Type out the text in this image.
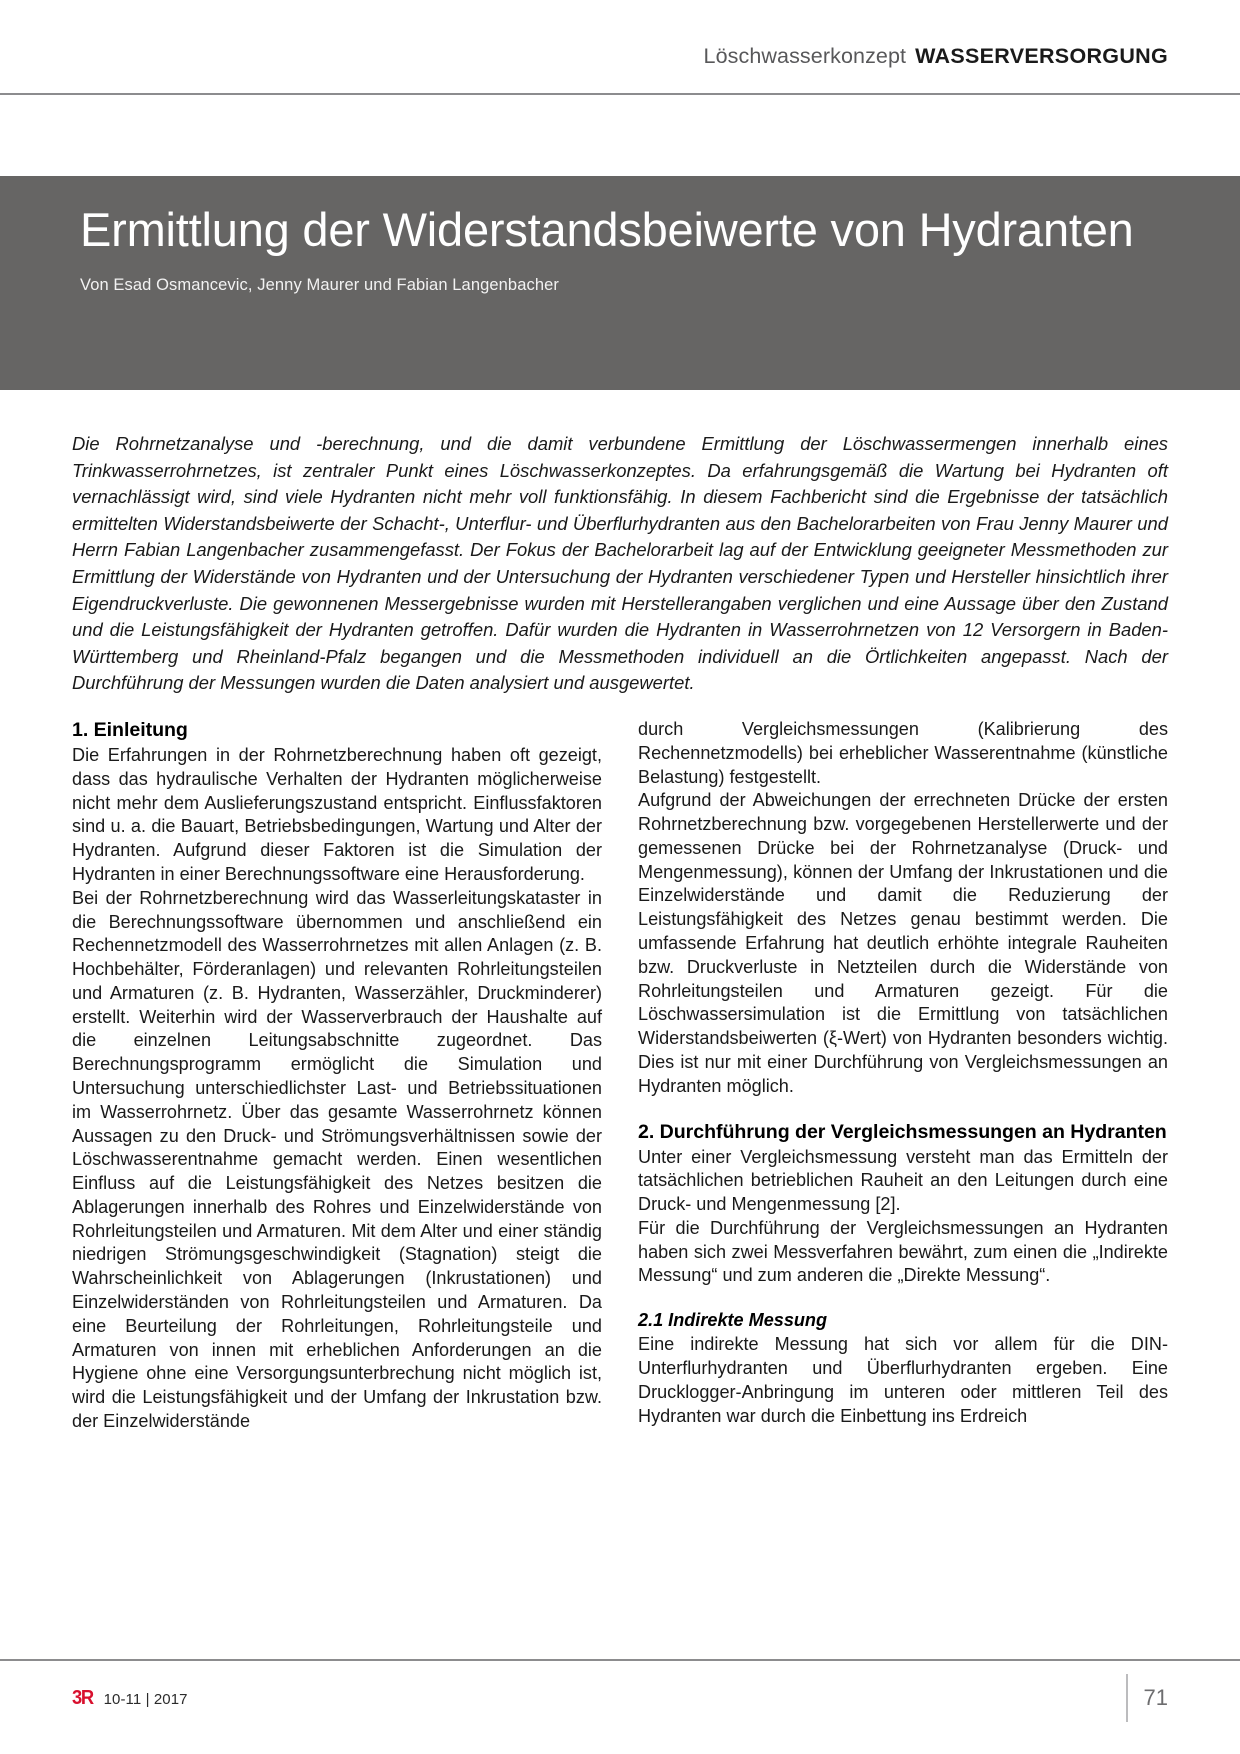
Löschwasserkonzept WASSERVERSORGUNG
Ermittlung der Widerstandsbeiwerte von Hydranten
Von Esad Osmancevic, Jenny Maurer und Fabian Langenbacher
Die Rohrnetzanalyse und -berechnung, und die damit verbundene Ermittlung der Löschwassermengen innerhalb eines Trinkwasserrohrnetzes, ist zentraler Punkt eines Löschwasserkonzeptes. Da erfahrungsgemäß die Wartung bei Hydranten oft vernachlässigt wird, sind viele Hydranten nicht mehr voll funktionsfähig. In diesem Fachbericht sind die Ergebnisse der tatsächlich ermittelten Widerstandsbeiwerte der Schacht-, Unterflur- und Überflurhydranten aus den Bachelorarbeiten von Frau Jenny Maurer und Herrn Fabian Langenbacher zusammengefasst. Der Fokus der Bachelorarbeit lag auf der Entwicklung geeigneter Messmethoden zur Ermittlung der Widerstände von Hydranten und der Untersuchung der Hydranten verschiedener Typen und Hersteller hinsichtlich ihrer Eigendruckverluste. Die gewonnenen Messergebnisse wurden mit Herstellerangaben verglichen und eine Aussage über den Zustand und die Leistungsfähigkeit der Hydranten getroffen. Dafür wurden die Hydranten in Wasserrohrnetzen von 12 Versorgern in Baden-Württemberg und Rheinland-Pfalz begangen und die Messmethoden individuell an die Örtlichkeiten angepasst. Nach der Durchführung der Messungen wurden die Daten analysiert und ausgewertet.
1. Einleitung

Die Erfahrungen in der Rohrnetzberechnung haben oft gezeigt, dass das hydraulische Verhalten der Hydranten möglicherweise nicht mehr dem Auslieferungszustand entspricht. Einflussfaktoren sind u. a. die Bauart, Betriebsbedingungen, Wartung und Alter der Hydranten. Aufgrund dieser Faktoren ist die Simulation der Hydranten in einer Berechnungssoftware eine Herausforderung.

Bei der Rohrnetzberechnung wird das Wasserleitungskataster in die Berechnungssoftware übernommen und anschließend ein Rechennetzmodell des Wasserrohrnetzes mit allen Anlagen (z. B. Hochbehälter, Förderanlagen) und relevanten Rohrleitungsteilen und Armaturen (z. B. Hydranten, Wasserzähler, Druckminderer) erstellt. Weiterhin wird der Wasserverbrauch der Haushalte auf die einzelnen Leitungsabschnitte zugeordnet. Das Berechnungsprogramm ermöglicht die Simulation und Untersuchung unterschiedlichster Last- und Betriebssituationen im Wasserrohrnetz. Über das gesamte Wasserrohrnetz können Aussagen zu den Druck- und Strömungsverhältnissen sowie der Löschwasserentnahme gemacht werden. Einen wesentlichen Einfluss auf die Leistungsfähigkeit des Netzes besitzen die Ablagerungen innerhalb des Rohres und Einzelwiderstände von Rohrleitungsteilen und Armaturen. Mit dem Alter und einer ständig niedrigen Strömungsgeschwindigkeit (Stagnation) steigt die Wahrscheinlichkeit von Ablagerungen (Inkrustationen) und Einzelwiderständen von Rohrleitungsteilen und Armaturen. Da eine Beurteilung der Rohrleitungen, Rohrleitungsteile und Armaturen von innen mit erheblichen Anforderungen an die Hygiene ohne eine Versorgungsunterbrechung nicht möglich ist, wird die Leistungsfähigkeit und der Umfang der Inkrustation bzw. der Einzelwiderstände

durch Vergleichsmessungen (Kalibrierung des Rechennetzmodells) bei erheblicher Wasserentnahme (künstliche Belastung) festgestellt.

Aufgrund der Abweichungen der errechneten Drücke der ersten Rohrnetzberechnung bzw. vorgegebenen Herstellerwerte und der gemessenen Drücke bei der Rohrnetzanalyse (Druck- und Mengenmessung), können der Umfang der Inkrustationen und die Einzelwiderstände und damit die Reduzierung der Leistungsfähigkeit des Netzes genau bestimmt werden. Die umfassende Erfahrung hat deutlich erhöhte integrale Rauheiten bzw. Druckverluste in Netzteilen durch die Widerstände von Rohrleitungsteilen und Armaturen gezeigt. Für die Löschwassersimulation ist die Ermittlung von tatsächlichen Widerstandsbeiwerten (ξ-Wert) von Hydranten besonders wichtig. Dies ist nur mit einer Durchführung von Vergleichsmessungen an Hydranten möglich.

2. Durchführung der Vergleichsmessungen an Hydranten

Unter einer Vergleichsmessung versteht man das Ermitteln der tatsächlichen betrieblichen Rauheit an den Leitungen durch eine Druck- und Mengenmessung [2].

Für die Durchführung der Vergleichsmessungen an Hydranten haben sich zwei Messverfahren bewährt, zum einen die „Indirekte Messung“ und zum anderen die „Direkte Messung“.

2.1 Indirekte Messung

Eine indirekte Messung hat sich vor allem für die DIN-Unterflurhydranten und Überflurhydranten ergeben. Eine Drucklogger-Anbringung im unteren oder mittleren Teil des Hydranten war durch die Einbettung ins Erdreich

3R 10-11 | 2017	71
